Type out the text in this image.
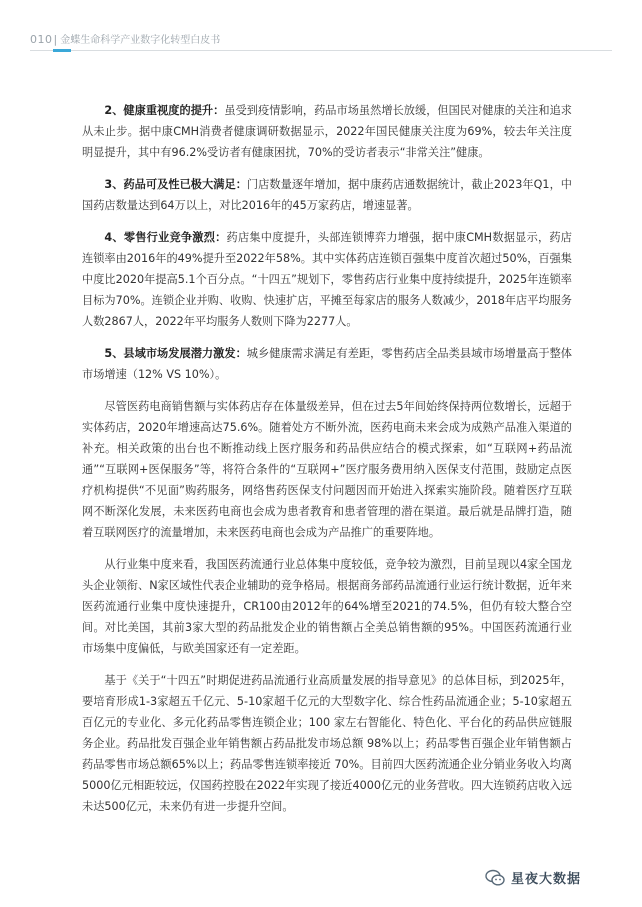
010 | 金蝶生命科学产业数字化转型白皮书

2、健康重视度的提升：虽受到疫情影响，药品市场虽然增长放缓，但国民对健康的关注和追求从未止步。据中康CMH消费者健康调研数据显示，2022年国民健康关注度为69%，较去年关注度明显提升，其中有96.2%受访者有健康困扰，70%的受访者表示“非常关注”健康。

3、药品可及性已极大满足：门店数量逐年增加，据中康药店通数据统计，截止2023年Q1，中国药店数量达到64万以上，对比2016年的45万家药店，增速显著。

4、零售行业竞争激烈：药店集中度提升，头部连锁博弈力增强，据中康CMH数据显示，药店连锁率由2016年的49%提升至2022年58%。其中实体药店连锁百强集中度首次超过50%，百强集中度比2020年提高5.1个百分点。“十四五”规划下，零售药店行业集中度持续提升，2025年连锁率目标为70%。连锁企业并购、收购、快速扩店，平摊至每家店的服务人数减少，2018年店平均服务人数2867人，2022年平均服务人数则下降为2277人。

5、县域市场发展潜力激发：城乡健康需求满足有差距，零售药店全品类县域市场增量高于整体市场增速（12% VS 10%）。

尽管医药电商销售额与实体药店存在体量级差异，但在过去5年间始终保持两位数增长，远超于实体药店，2020年增速高达75.6%。随着处方不断外流，医药电商未来会成为成熟产品准入渠道的补充。相关政策的出台也不断推动线上医疗服务和药品供应结合的模式探索，如“互联网+药品流通”“互联网+医保服务”等，将符合条件的“互联网+”医疗服务费用纳入医保支付范围，鼓励定点医疗机构提供“不见面”购药服务，网络售药医保支付问题因而开始进入探索实施阶段。随着医疗互联网不断深化发展，未来医药电商也会成为患者教育和患者管理的潜在渠道。最后就是品牌打造，随着互联网医疗的流量增加，未来医药电商也会成为产品推广的重要阵地。

从行业集中度来看，我国医药流通行业总体集中度较低，竞争较为激烈，目前呈现以4家全国龙头企业领衔、N家区域性代表企业辅助的竞争格局。根据商务部药品流通行业运行统计数据，近年来医药流通行业集中度快速提升，CR100由2012年的64%增至2021的74.5%，但仍有较大整合空间。对比美国，其前3家大型的药品批发企业的销售额占全美总销售额的95%。中国医药流通行业市场集中度偏低，与欧美国家还有一定差距。

基于《关于“十四五”时期促进药品流通行业高质量发展的指导意见》的总体目标，到2025年，要培育形成1-3家超五千亿元、5-10家超千亿元的大型数字化、综合性药品流通企业；5-10家超五百亿元的专业化、多元化药品零售连锁企业；100 家左右智能化、特色化、平台化的药品供应链服务企业。药品批发百强企业年销售额占药品批发市场总额 98%以上；药品零售百强企业年销售额占药品零售市场总额65%以上；药品零售连锁率接近 70%。目前四大医药流通企业分销业务收入均离5000亿元相距较远，仅国药控股在2022年实现了接近4000亿元的业务营收。四大连锁药店收入远未达500亿元，未来仍有进一步提升空间。

星夜大数据
